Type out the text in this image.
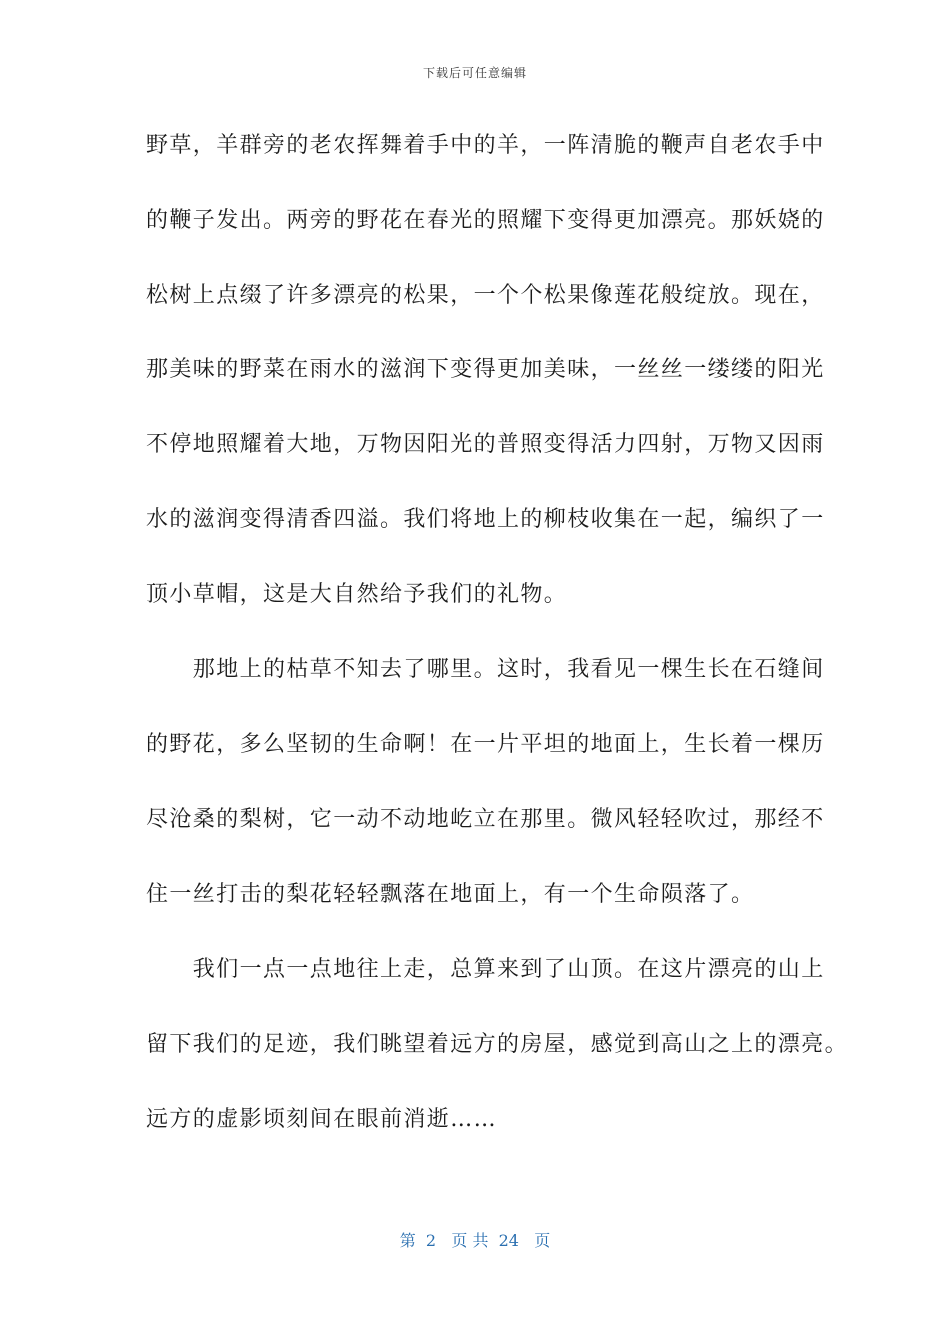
下载后可任意编辑
野草，羊群旁的老农挥舞着手中的羊，一阵清脆的鞭声自老农手中
的鞭子发出。两旁的野花在春光的照耀下变得更加漂亮。那妖娆的
松树上点缀了许多漂亮的松果，一个个松果像莲花般绽放。现在，
那美味的野菜在雨水的滋润下变得更加美味，一丝丝一缕缕的阳光
不停地照耀着大地，万物因阳光的普照变得活力四射，万物又因雨
水的滋润变得清香四溢。我们将地上的柳枝收集在一起，编织了一
顶小草帽，这是大自然给予我们的礼物。
　　那地上的枯草不知去了哪里。这时，我看见一棵生长在石缝间
的野花，多么坚韧的生命啊！在一片平坦的地面上，生长着一棵历
尽沧桑的梨树，它一动不动地屹立在那里。微风轻轻吹过，那经不
住一丝打击的梨花轻轻飘落在地面上，有一个生命陨落了。
　　我们一点一点地往上走，总算来到了山顶。在这片漂亮的山上
留下我们的足迹，我们眺望着远方的房屋，感觉到高山之上的漂亮。
远方的虚影顷刻间在眼前消逝……
第  2   页 共  24   页
